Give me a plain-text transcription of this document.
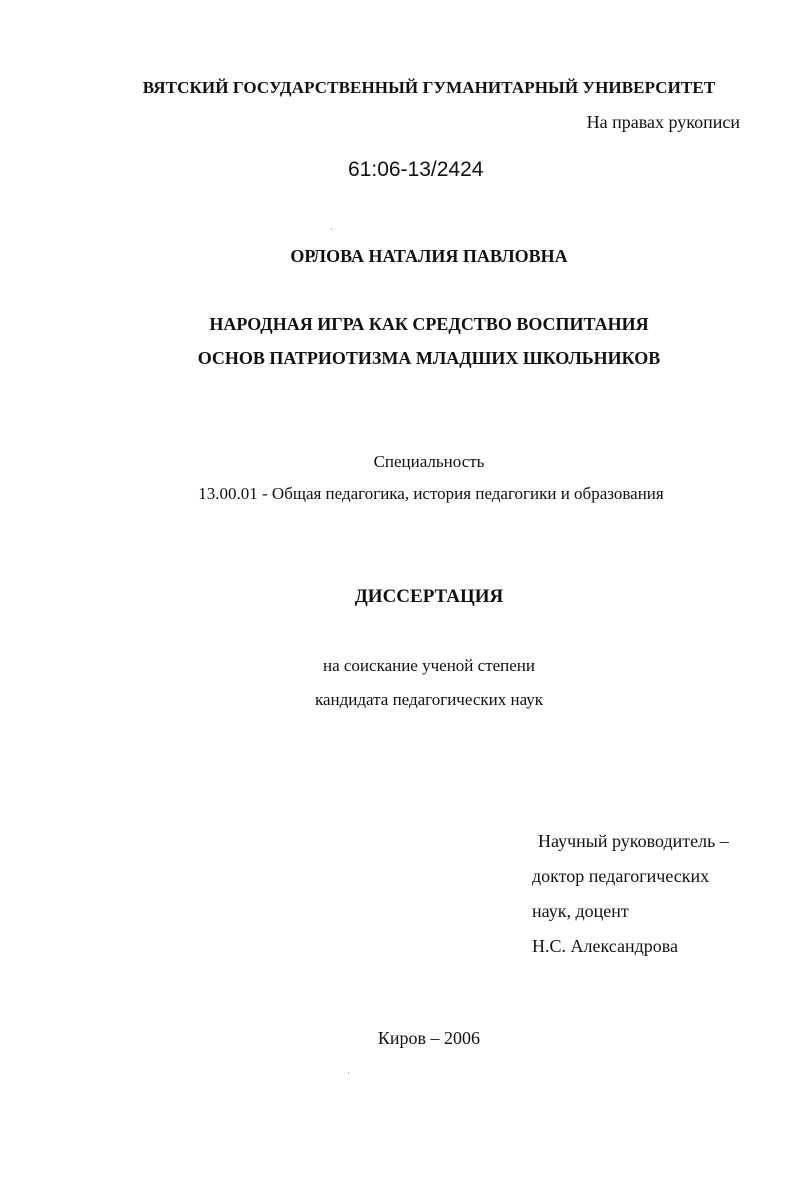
ВЯТСКИЙ ГОСУДАРСТВЕННЫЙ ГУМАНИТАРНЫЙ УНИВЕРСИТЕТ

На правах рукописи

61:06-13/2424

ОРЛОВА НАТАЛИЯ ПАВЛОВНА

НАРОДНАЯ ИГРА КАК СРЕДСТВО ВОСПИТАНИЯ

ОСНОВ ПАТРИОТИЗМА МЛАДШИХ ШКОЛЬНИКОВ

Специальность

13.00.01 - Общая педагогика, история педагогики и образования

ДИССЕРТАЦИЯ

на соискание ученой степени

кандидата педагогических наук

Научный руководитель –
доктор педагогических
наук, доцент
Н.С. Александрова

Киров – 2006
